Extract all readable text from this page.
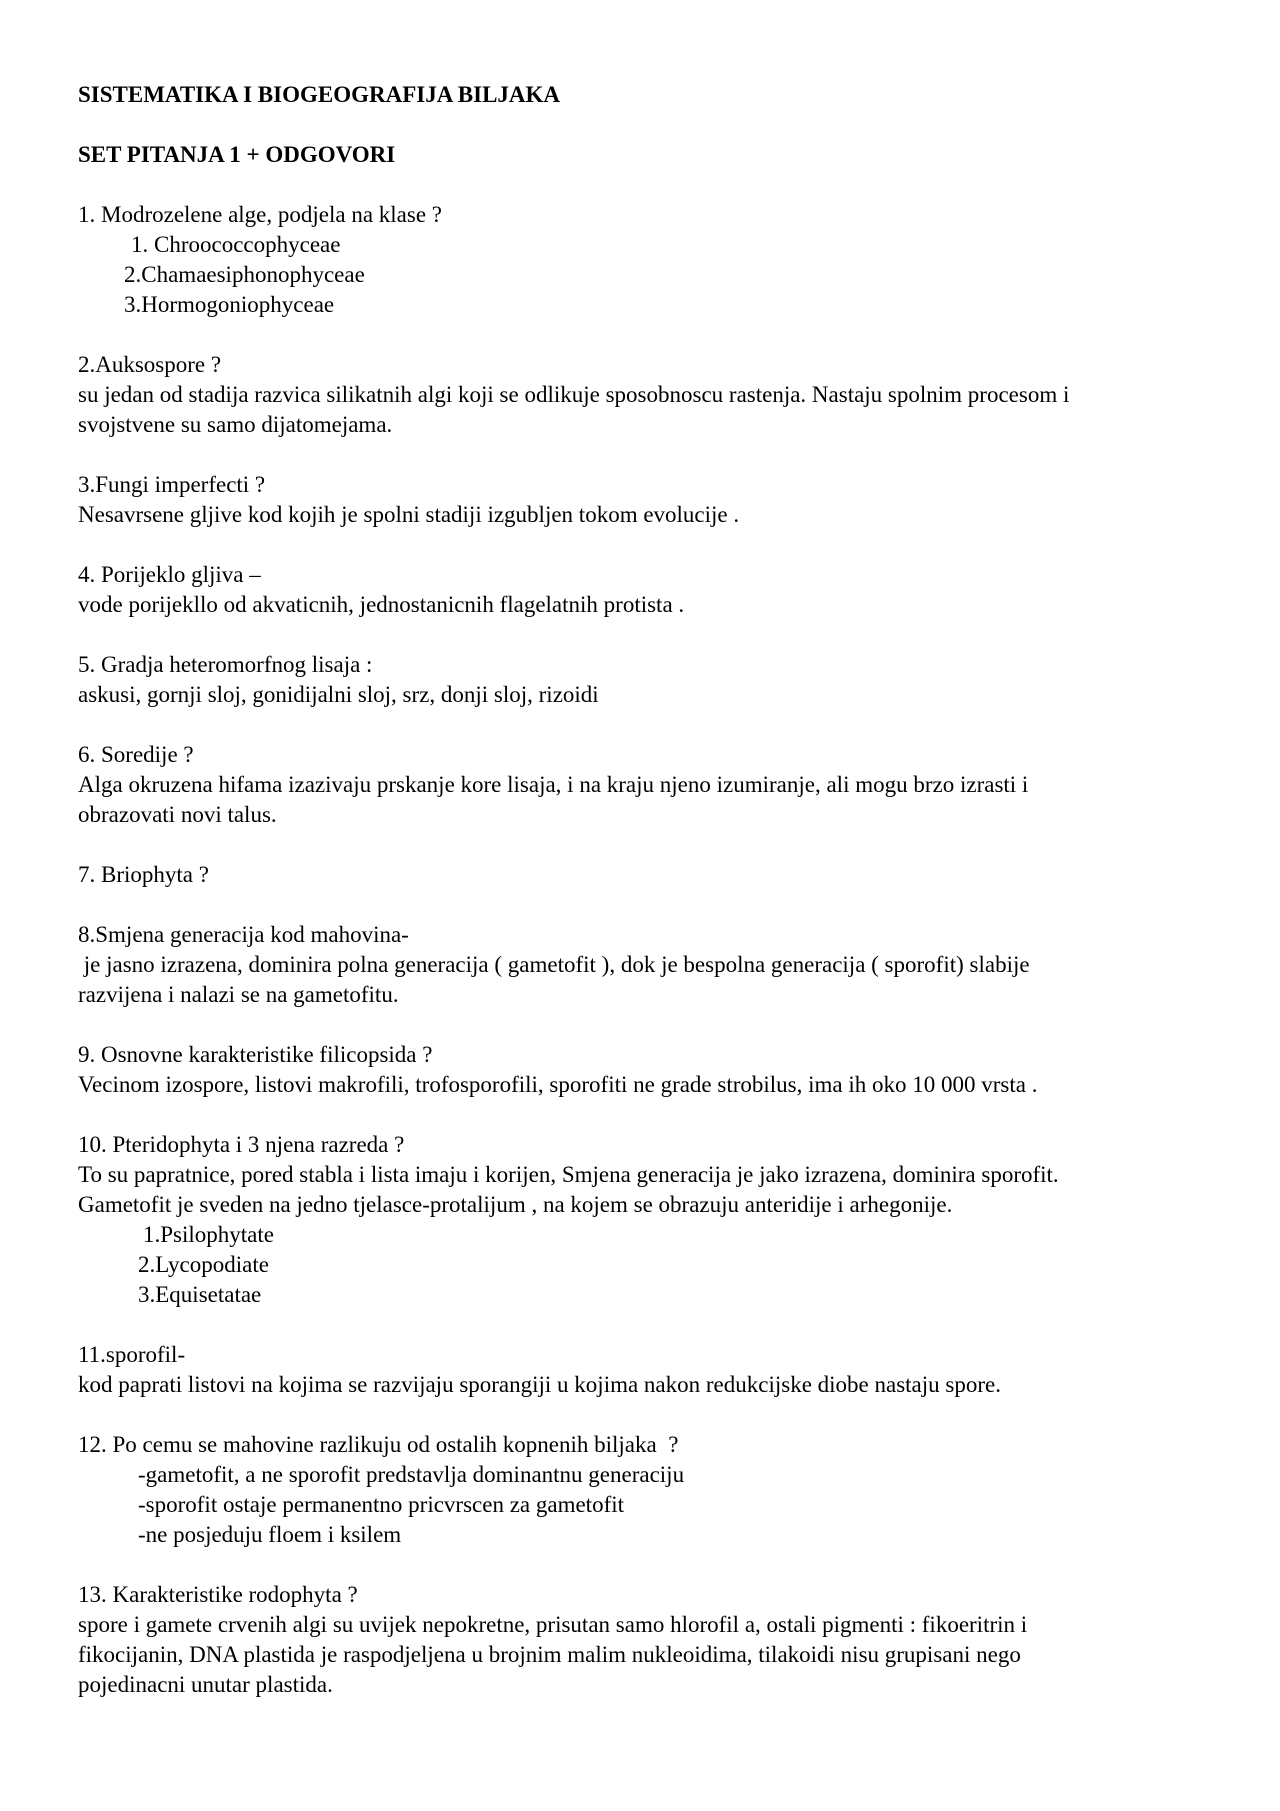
SISTEMATIKA I BIOGEOGRAFIJA BILJAKA

SET PITANJA 1 + ODGOVORI

1. Modrozelene alge, podjela na klase ?

1. Chroococcophyceae

2.Chamaesiphonophyceae

3.Hormogoniophyceae

2.Auksospore ?

su jedan od stadija razvica silikatnih algi koji se odlikuje sposobnoscu rastenja. Nastaju spolnim procesom i

svojstvene su samo dijatomejama.

3.Fungi imperfecti ?

Nesavrsene gljive kod kojih je spolni stadiji izgubljen tokom evolucije .

4. Porijeklo gljiva –

vode porijekllo od akvaticnih, jednostanicnih flagelatnih protista .

5. Gradja heteromorfnog lisaja :

askusi, gornji sloj, gonidijalni sloj, srz, donji sloj, rizoidi

6. Soredije ?

Alga okruzena hifama izazivaju prskanje kore lisaja, i na kraju njeno izumiranje, ali mogu brzo izrasti i

obrazovati novi talus.

7. Briophyta ?

8.Smjena generacija kod mahovina-

je jasno izrazena, dominira polna generacija ( gametofit ), dok je bespolna generacija ( sporofit) slabije

razvijena i nalazi se na gametofitu.

9. Osnovne karakteristike filicopsida ?

Vecinom izospore, listovi makrofili, trofosporofili, sporofiti ne grade strobilus, ima ih oko 10 000 vrsta .

10. Pteridophyta i 3 njena razreda ?

To su papratnice, pored stabla i lista imaju i korijen, Smjena generacija je jako izrazena, dominira sporofit.

Gametofit je sveden na jedno tjelasce-protalijum , na kojem se obrazuju anteridije i arhegonije.

1.Psilophytate

2.Lycopodiate

3.Equisetatae

11.sporofil-

kod paprati listovi na kojima se razvijaju sporangiji u kojima nakon redukcijske diobe nastaju spore.

12. Po cemu se mahovine razlikuju od ostalih kopnenih biljaka  ?

-gametofit, a ne sporofit predstavlja dominantnu generaciju

-sporofit ostaje permanentno pricvrscen za gametofit

-ne posjeduju floem i ksilem

13. Karakteristike rodophyta ?

spore i gamete crvenih algi su uvijek nepokretne, prisutan samo hlorofil a, ostali pigmenti : fikoeritrin i

fikocijanin, DNA plastida je raspodjeljena u brojnim malim nukleoidima, tilakoidi nisu grupisani nego

pojedinacni unutar plastida.
